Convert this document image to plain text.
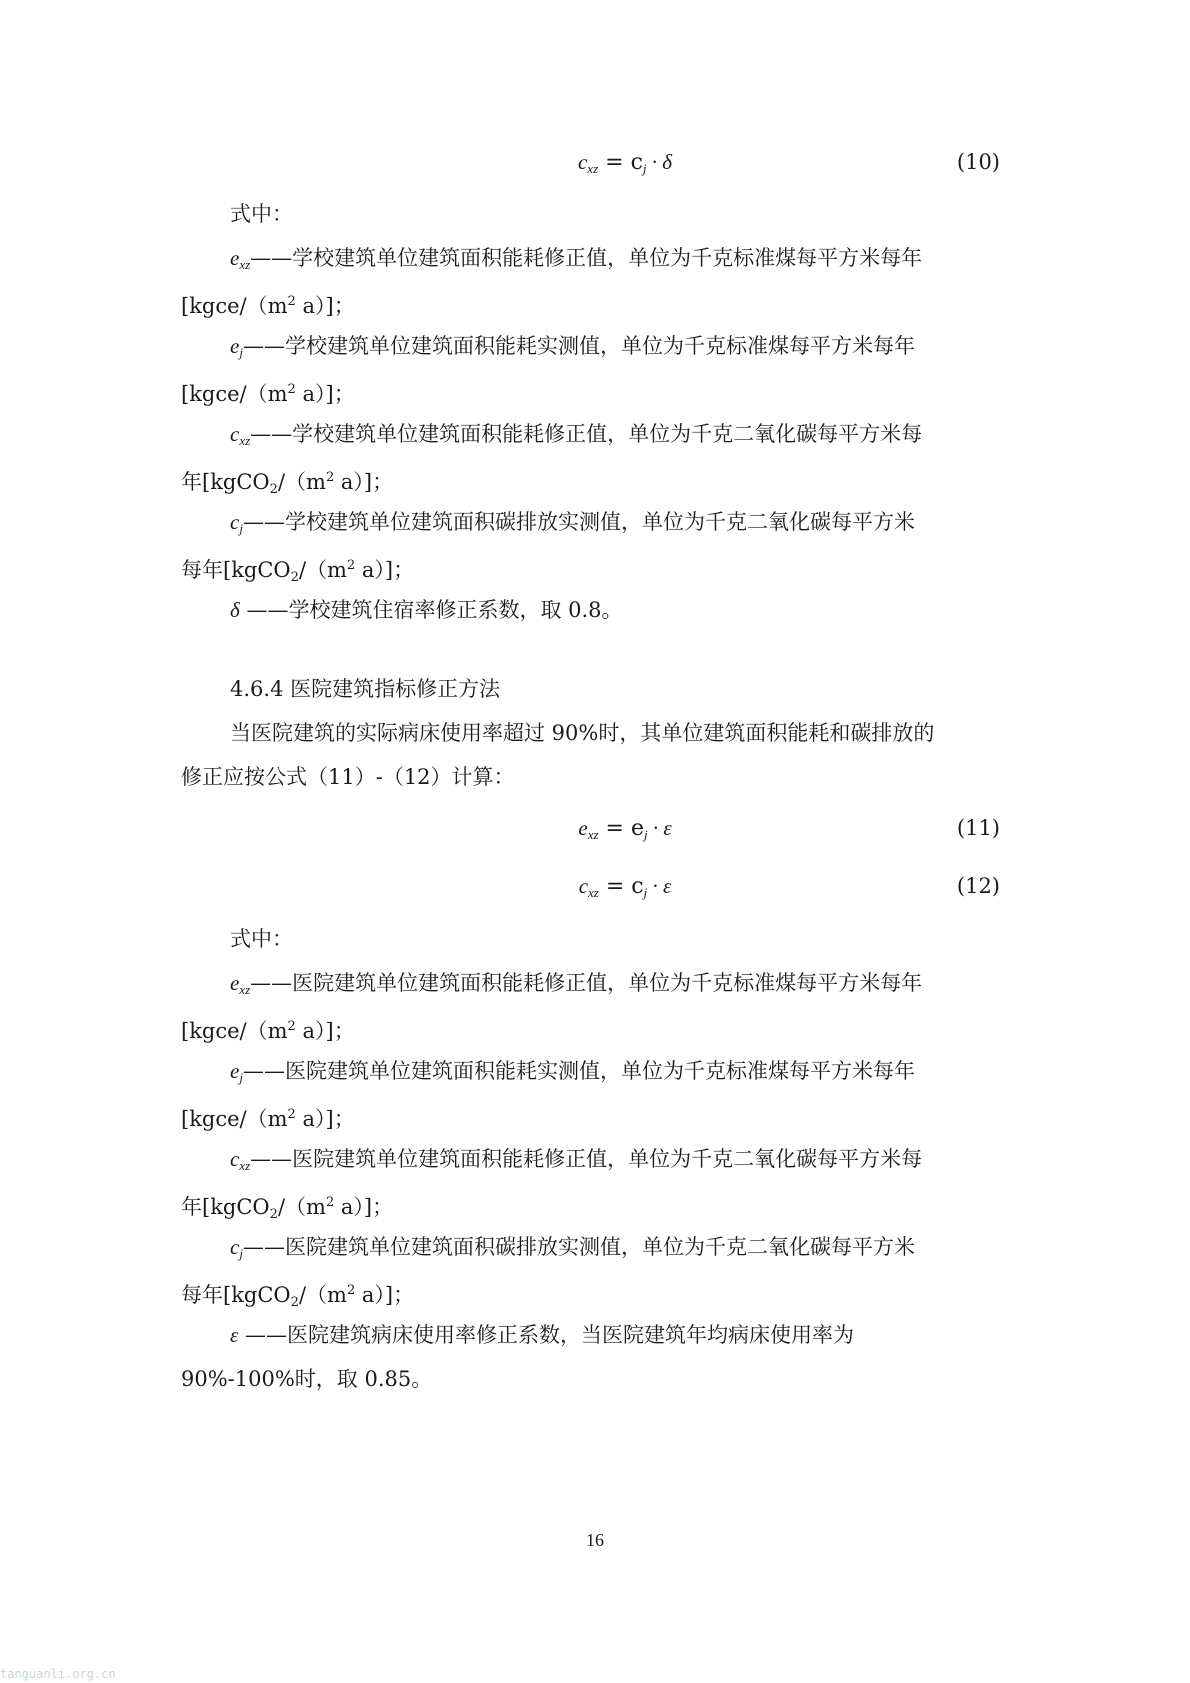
$c_{xz} = c_j \cdot \delta$	(10)
式中：
$e_{xz}——$学校建筑单位建筑面积能耗修正值，单位为千克标准煤每平方米每年
[$kgce/(m^2$ a）]；
$e_j——$学校建筑单位建筑面积能耗实测值，单位为千克标准煤每平方米每年
[$kgce/(m^2$ a）]；
$c_{xz}——$学校建筑单位建筑面积能耗修正值，单位为千克二氧化碳每平方米每
年[$kgCO_2/(m^2$ a）]；
$c_j——$学校建筑单位建筑面积碳排放实测值，单位为千克二氧化碳每平方米
每年[$kgCO_2/(m^2$ a）]；
δ ——学校建筑住宿率修正系数，取 0.8。
4.6.4 医院建筑指标修正方法
当医院建筑的实际病床使用率超过 90%时，其单位建筑面积能耗和碳排放的
修正应按公式（11）-（12）计算：
$e_{xz} = e_j \cdot \varepsilon$	(11)
$c_{xz} = c_j \cdot \varepsilon$	(12)
式中：
$e_{xz}——$医院建筑单位建筑面积能耗修正值，单位为千克标准煤每平方米每年
[$kgce/(m^2$ a）]；
$e_j——$医院建筑单位建筑面积能耗实测值，单位为千克标准煤每平方米每年
[$kgce/(m^2$ a）]；
$c_{xz}——$医院建筑单位建筑面积能耗修正值，单位为千克二氧化碳每平方米每
年[$kgCO_2/(m^2$ a）]；
$c_j——$医院建筑单位建筑面积碳排放实测值，单位为千克二氧化碳每平方米
每年[$kgCO_2/(m^2$ a）]；
ε ——医院建筑病床使用率修正系数，当医院建筑年均病床使用率为
90%-100%时，取 0.85。
16
tanguanli.org.cn
